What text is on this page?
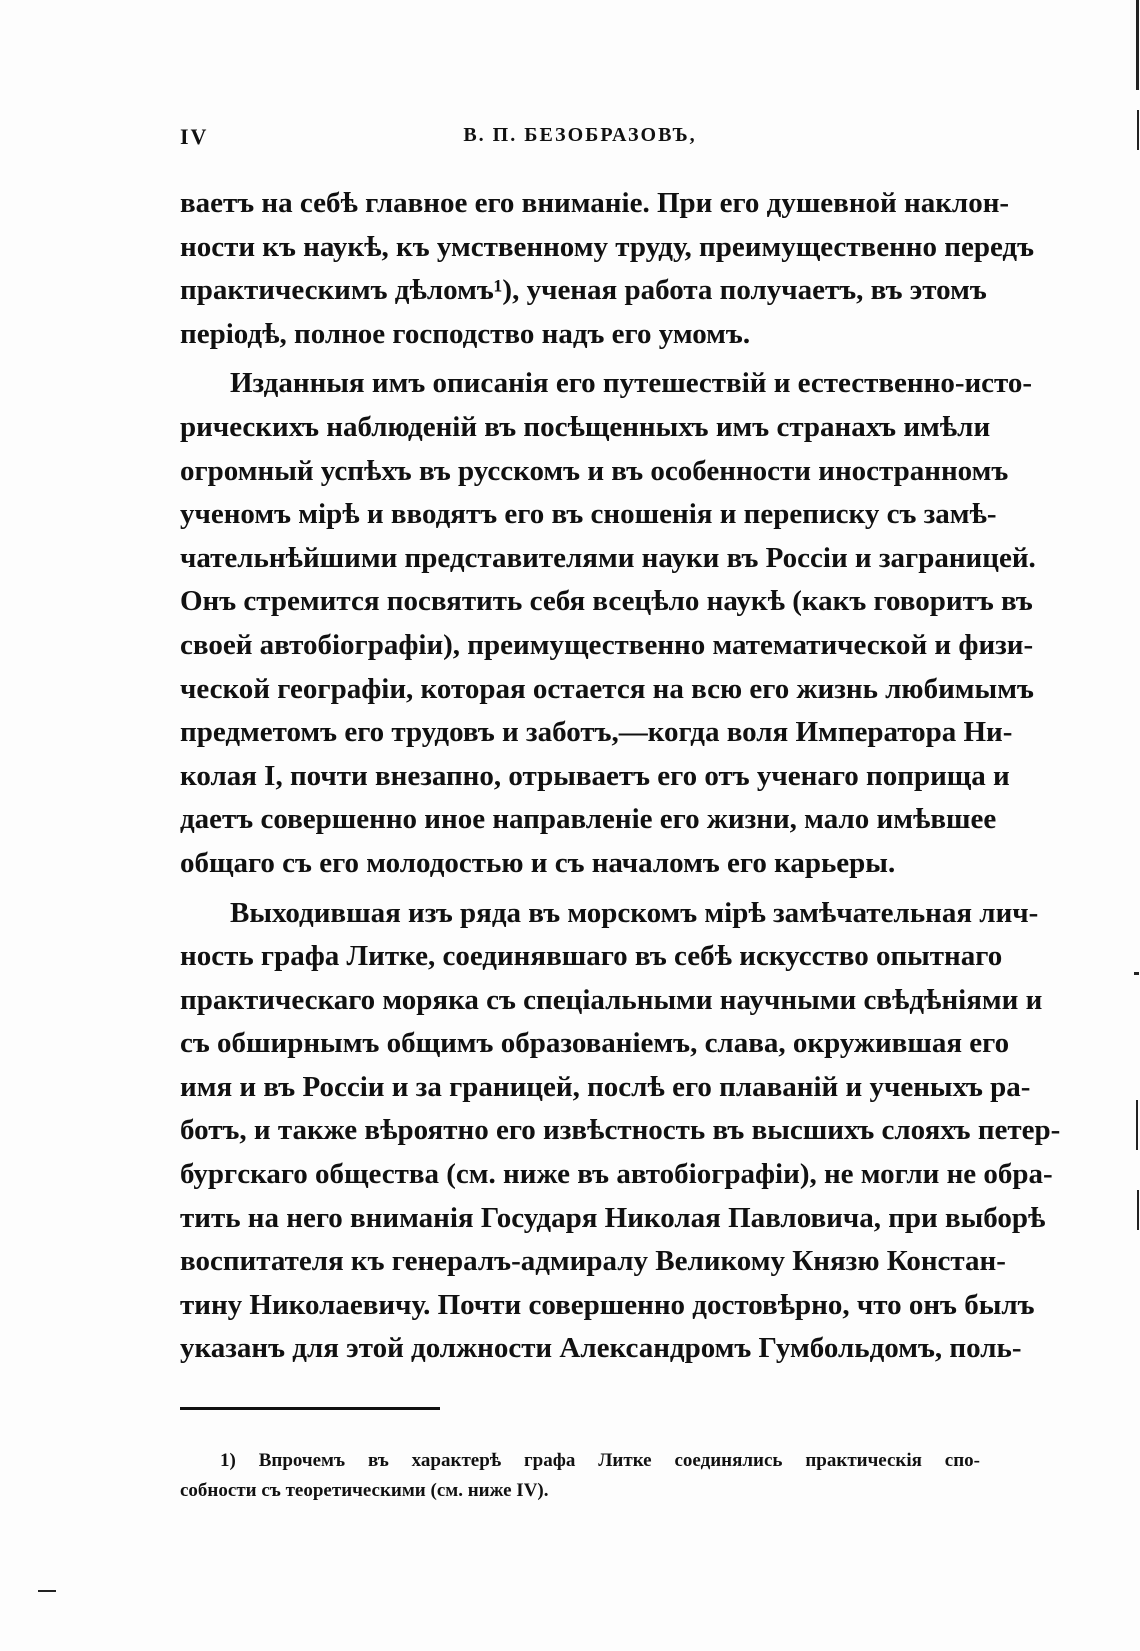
IV	В. П. БЕЗОБРАЗОВЪ,
ваетъ на себѣ главное его вниманіе. При его душевной наклон-
ности къ наукѣ, къ умственному труду, преимущественно передъ
практическимъ дѣломъ¹), ученая работа получаетъ, въ этомъ
періодѣ, полное господство надъ его умомъ.
Изданныя имъ описанія его путешествій и естественно-исто-
рическихъ наблюденій въ посѣщенныхъ имъ странахъ имѣли
огромный успѣхъ въ русскомъ и въ особенности иностранномъ
ученомъ мірѣ и вводятъ его въ сношенія и переписку съ замѣ-
чательнѣйшими представителями науки въ Россіи и заграницей.
Онъ стремится посвятить себя всецѣло наукѣ (какъ говоритъ въ
своей автобіографіи), преимущественно математической и физи-
ческой географіи, которая остается на всю его жизнь любимымъ
предметомъ его трудовъ и заботъ,—когда воля Императора Ни-
колая I, почти внезапно, отрываетъ его отъ ученаго поприща и
даетъ совершенно иное направленіе его жизни, мало имѣвшее
общаго съ его молодостью и съ началомъ его карьеры.
Выходившая изъ ряда въ морскомъ мірѣ замѣчательная лич-
ность графа Литке, соединявшаго въ себѣ искусство опытнаго
практическаго моряка съ спеціальными научными свѣдѣніями и
съ обширнымъ общимъ образованіемъ, слава, окружившая его
имя и въ Россіи и за границей, послѣ его плаваній и ученыхъ ра-
ботъ, и также вѣроятно его извѣстность въ высшихъ слояхъ петер-
бургскаго общества (см. ниже въ автобіографіи), не могли не обра-
тить на него вниманія Государя Николая Павловича, при выборѣ
воспитателя къ генералъ-адмиралу Великому Князю Констан-
тину Николаевичу. Почти совершенно достовѣрно, что онъ былъ
указанъ для этой должности Александромъ Гумбольдомъ, поль-
1) Впрочемъ въ характерѣ графа Литке соединялись практическія спо-
собности съ теоретическими (см. ниже IV).
